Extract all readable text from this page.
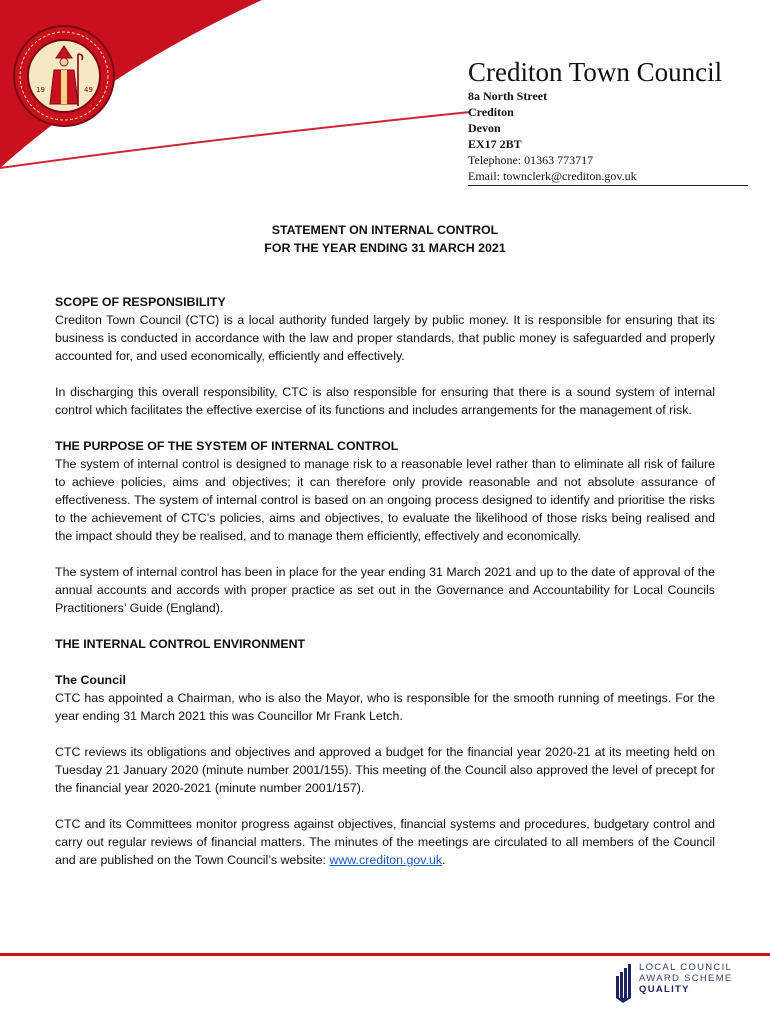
19	49
Crediton Town Council
8a North Street
Crediton
Devon
EX17 2BT
Telephone: 01363 773717
Email: townclerk@crediton.gov.uk
STATEMENT ON INTERNAL CONTROL
FOR THE YEAR ENDING 31 MARCH 2021
SCOPE OF RESPONSIBILITY

Crediton Town Council (CTC) is a local authority funded largely by public money. It is responsible for ensuring that its business is conducted in accordance with the law and proper standards, that public money is safeguarded and properly accounted for, and used economically, efficiently and effectively.

In discharging this overall responsibility, CTC is also responsible for ensuring that there is a sound system of internal control which facilitates the effective exercise of its functions and includes arrangements for the management of risk.

THE PURPOSE OF THE SYSTEM OF INTERNAL CONTROL

The system of internal control is designed to manage risk to a reasonable level rather than to eliminate all risk of failure to achieve policies, aims and objectives; it can therefore only provide reasonable and not absolute assurance of effectiveness. The system of internal control is based on an ongoing process designed to identify and prioritise the risks to the achievement of CTC’s policies, aims and objectives, to evaluate the likelihood of those risks being realised and the impact should they be realised, and to manage them efficiently, effectively and economically.

The system of internal control has been in place for the year ending 31 March 2021 and up to the date of approval of the annual accounts and accords with proper practice as set out in the Governance and Accountability for Local Councils Practitioners’ Guide (England).

THE INTERNAL CONTROL ENVIRONMENT
The Council

CTC has appointed a Chairman, who is also the Mayor, who is responsible for the smooth running of meetings. For the year ending 31 March 2021 this was Councillor Mr Frank Letch.

CTC reviews its obligations and objectives and approved a budget for the financial year 2020-21 at its meeting held on Tuesday 21 January 2020 (minute number 2001/155). This meeting of the Council also approved the level of precept for the financial year 2020-2021 (minute number 2001/157).

CTC and its Committees monitor progress against objectives, financial systems and procedures, budgetary control and carry out regular reviews of financial matters. The minutes of the meetings are circulated to all members of the Council and are published on the Town Council’s website: www.crediton.gov.uk.

LOCAL COUNCIL
AWARD SCHEME
QUALITY
